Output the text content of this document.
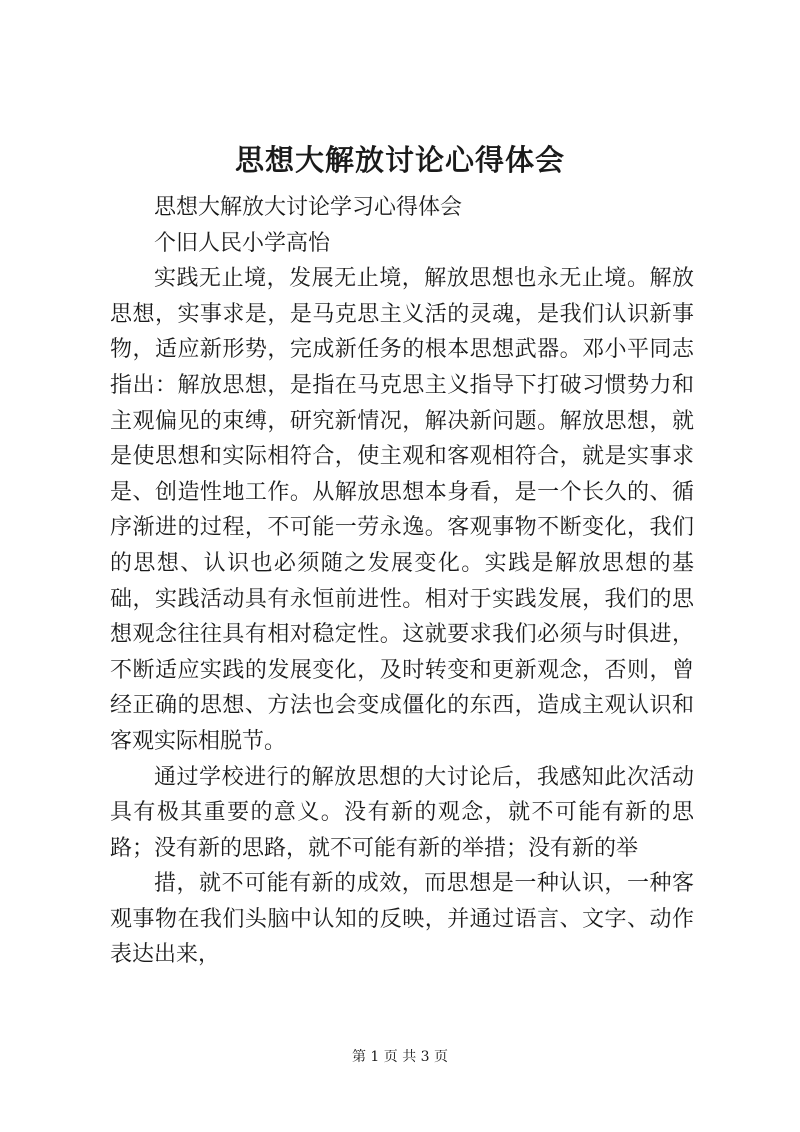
思想大解放讨论心得体会

思想大解放大讨论学习心得体会

个旧人民小学高怡

实践无止境，发展无止境，解放思想也永无止境。解放思想，实事求是，是马克思主义活的灵魂，是我们认识新事物，适应新形势，完成新任务的根本思想武器。邓小平同志指出：解放思想，是指在马克思主义指导下打破习惯势力和主观偏见的束缚，研究新情况，解决新问题。解放思想，就是使思想和实际相符合，使主观和客观相符合，就是实事求是、创造性地工作。从解放思想本身看，是一个长久的、循序渐进的过程，不可能一劳永逸。客观事物不断变化，我们的思想、认识也必须随之发展变化。实践是解放思想的基础，实践活动具有永恒前进性。相对于实践发展，我们的思想观念往往具有相对稳定性。这就要求我们必须与时俱进，不断适应实践的发展变化，及时转变和更新观念，否则，曾经正确的思想、方法也会变成僵化的东西，造成主观认识和客观实际相脱节。

通过学校进行的解放思想的大讨论后，我感知此次活动具有极其重要的意义。没有新的观念，就不可能有新的思路；没有新的思路，就不可能有新的举措；没有新的举

措，就不可能有新的成效，而思想是一种认识，一种客观事物在我们头脑中认知的反映，并通过语言、文字、动作表达出来，

第 1 页 共 3 页
